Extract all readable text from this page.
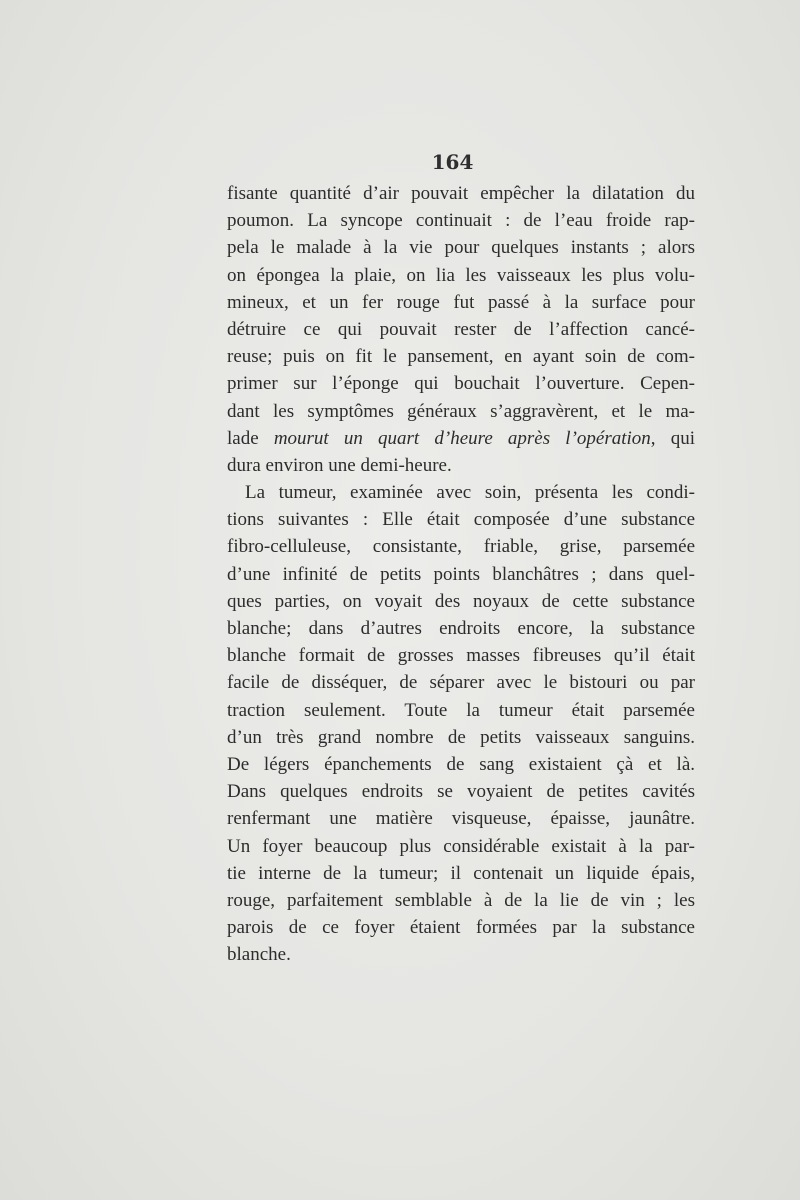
164
fisante quantité d’air pouvait empêcher la dilatation du
poumon. La syncope continuait : de l’eau froide rap-
pela le malade à la vie pour quelques instants ; alors
on épongea la plaie, on lia les vaisseaux les plus volu-
mineux, et un fer rouge fut passé à la surface pour
détruire ce qui pouvait rester de l’affection cancé-
reuse; puis on fit le pansement, en ayant soin de com-
primer sur l’éponge qui bouchait l’ouverture. Cepen-
dant les symptômes généraux s’aggravèrent, et le ma-
lade mourut un quart d’heure après l’opération, qui
dura environ une demi-heure.
La tumeur, examinée avec soin, présenta les condi-
tions suivantes : Elle était composée d’une substance
fibro-celluleuse, consistante, friable, grise, parsemée
d’une infinité de petits points blanchâtres ; dans quel-
ques parties, on voyait des noyaux de cette substance
blanche; dans d’autres endroits encore, la substance
blanche formait de grosses masses fibreuses qu’il était
facile de disséquer, de séparer avec le bistouri ou par
traction seulement. Toute la tumeur était parsemée
d’un très grand nombre de petits vaisseaux sanguins.
De légers épanchements de sang existaient çà et là.
Dans quelques endroits se voyaient de petites cavités
renfermant une matière visqueuse, épaisse, jaunâtre.
Un foyer beaucoup plus considérable existait à la par-
tie interne de la tumeur; il contenait un liquide épais,
rouge, parfaitement semblable à de la lie de vin ; les
parois de ce foyer étaient formées par la substance
blanche.
